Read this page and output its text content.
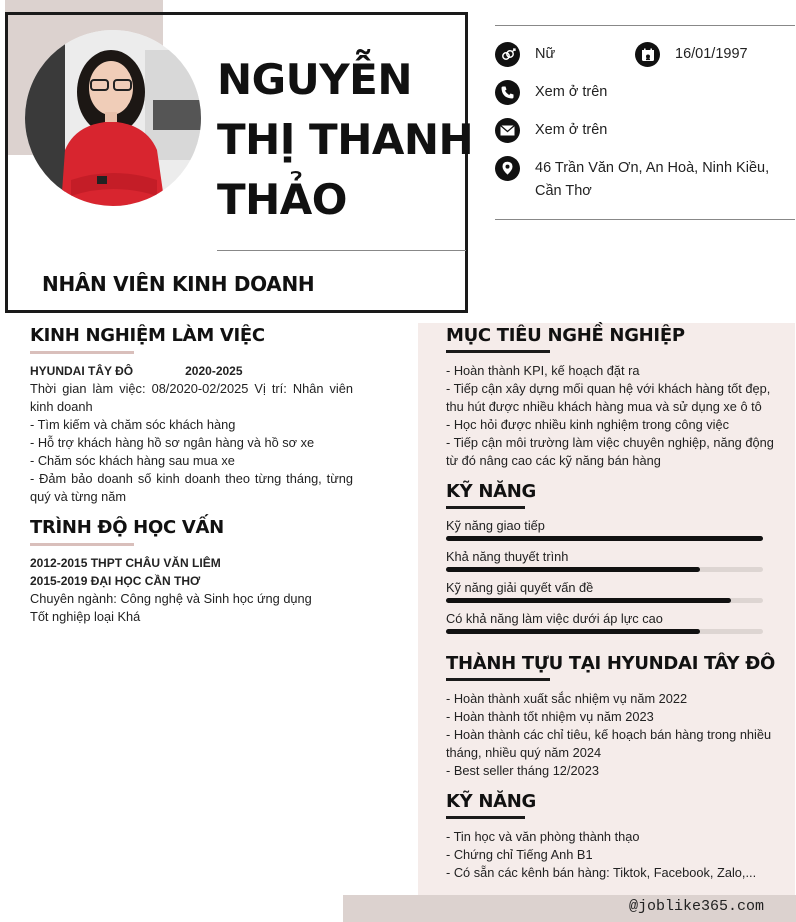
NGUYỄN
THỊ THANH
THẢO
NHÂN VIÊN KINH DOANH
Nữ	16/01/1997
Xem ở trên
Xem ở trên
46 Trần Văn Ơn, An Hoà, Ninh Kiều,
Cần Thơ
KINH NGHIỆM LÀM VIỆC

HYUNDAI TÂY ĐÔ	2020-2025

Thời gian làm việc: 08/2020-02/2025 Vị trí: Nhân viên kinh doanh

- Tìm kiếm và chăm sóc khách hàng

- Hỗ trợ khách hàng hồ sơ ngân hàng và hồ sơ xe

- Chăm sóc khách hàng sau mua xe

- Đảm bảo doanh số kinh doanh theo từng tháng, từng quý và từng năm

TRÌNH ĐỘ HỌC VẤN

2012-2015 THPT CHÂU VĂN LIÊM

2015-2019 ĐẠI HỌC CẦN THƠ

Chuyên ngành: Công nghệ và Sinh học ứng dụng

Tốt nghiệp loại Khá

MỤC TIÊU NGHỀ NGHIỆP

- Hoàn thành KPI, kế hoạch đặt ra

- Tiếp cận xây dựng mối quan hệ với khách hàng tốt đẹp, thu hút được nhiều khách hàng mua và sử dụng xe ô tô

- Học hỏi được nhiều kinh nghiệm trong công việc

- Tiếp cận môi trường làm việc chuyên nghiệp, năng động từ đó nâng cao các kỹ năng bán hàng

KỸ NĂNG
Kỹ năng giao tiếp
Khả năng thuyết trình
Kỹ năng giải quyết vấn đề
Có khả năng làm việc dưới áp lực cao
THÀNH TỰU TẠI HYUNDAI TÂY ĐÔ

- Hoàn thành xuất sắc nhiệm vụ năm 2022

- Hoàn thành tốt nhiệm vụ năm 2023

- Hoàn thành các chỉ tiêu, kế hoạch bán hàng trong nhiều tháng, nhiều quý năm 2024

- Best seller tháng 12/2023

KỸ NĂNG

- Tin học và văn phòng thành thạo

- Chứng chỉ Tiếng Anh B1

- Có sẵn các kênh bán hàng: Tiktok, Facebook, Zalo,...

@joblike365.com
